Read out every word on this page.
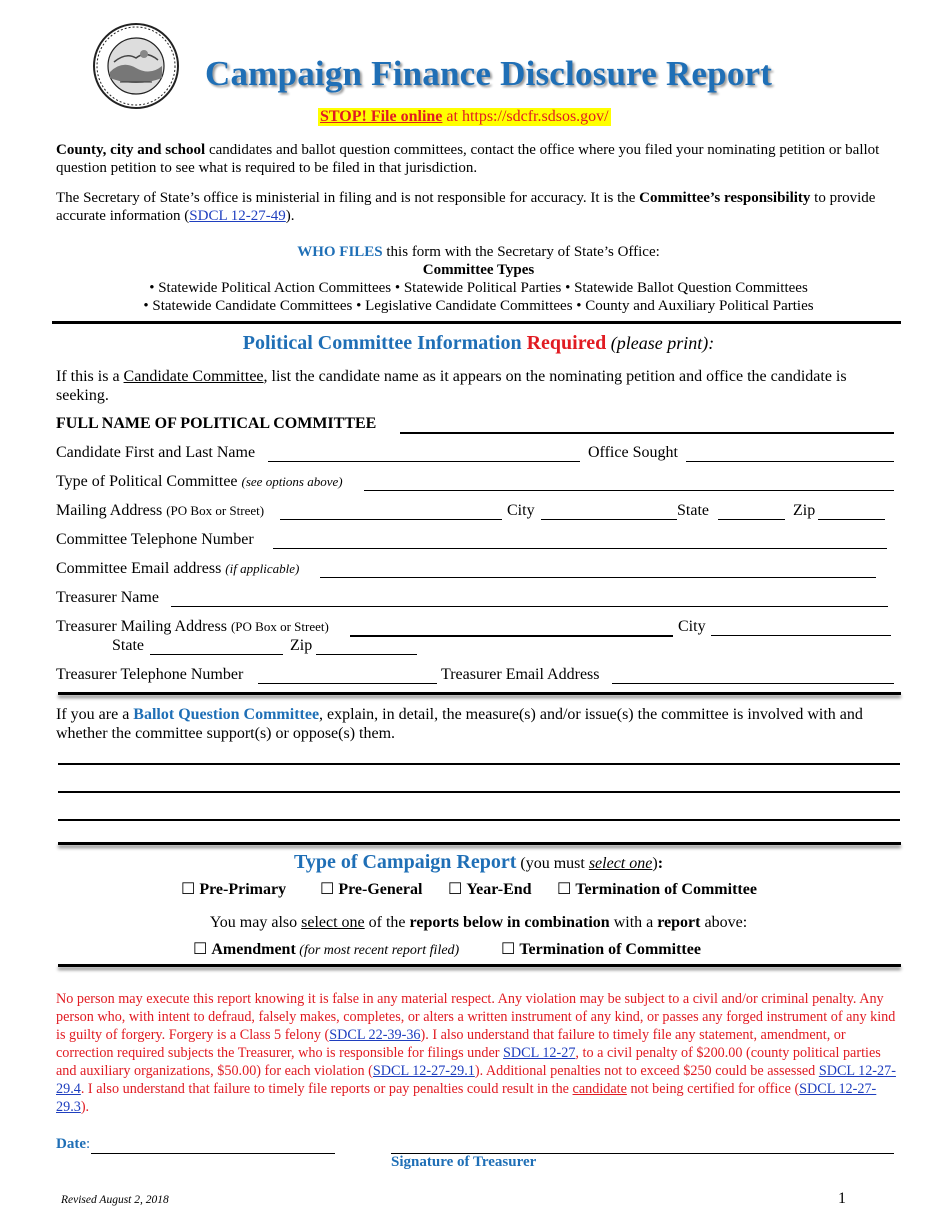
Campaign Finance Disclosure Report
STOP! File online at https://sdcfr.sdsos.gov/
County, city and school candidates and ballot question committees, contact the office where you filed your nominating petition or ballot question petition to see what is required to be filed in that jurisdiction.
The Secretary of State’s office is ministerial in filing and is not responsible for accuracy. It is the Committee’s responsibility to provide accurate information (SDCL 12-27-49).
WHO FILES this form with the Secretary of State’s Office:
Committee Types
• Statewide Political Action Committees • Statewide Political Parties • Statewide Ballot Question Committees
• Statewide Candidate Committees • Legislative Candidate Committees • County and Auxiliary Political Parties
Political Committee Information Required (please print):
If this is a Candidate Committee, list the candidate name as it appears on the nominating petition and office the candidate is seeking.
FULL NAME OF POLITICAL COMMITTEE
Candidate First and Last Name	Office Sought
Type of Political Committee (see options above)
Mailing Address (PO Box or Street)	City	State	Zip
Committee Telephone Number
Committee Email address (if applicable)
Treasurer Name
Treasurer Mailing Address (PO Box or Street)	City
State	Zip
Treasurer Telephone Number	Treasurer Email Address
If you are a Ballot Question Committee, explain, in detail, the measure(s) and/or issue(s) the committee is involved with and whether the committee support(s) or oppose(s) them.
Type of Campaign Report (you must select one):
☐ Pre-Primary ☐ Pre-General ☐ Year-End ☐ Termination of Committee
You may also select one of the reports below in combination with a report above:
☐ Amendment (for most recent report filed)	☐ Termination of Committee
No person may execute this report knowing it is false in any material respect. Any violation may be subject to a civil and/or criminal penalty. Any person who, with intent to defraud, falsely makes, completes, or alters a written instrument of any kind, or passes any forged instrument of any kind is guilty of forgery. Forgery is a Class 5 felony (SDCL 22-39-36). I also understand that failure to timely file any statement, amendment, or correction required subjects the Treasurer, who is responsible for filings under SDCL 12-27, to a civil penalty of $200.00 (county political parties and auxiliary organizations, $50.00) for each violation (SDCL 12-27-29.1). Additional penalties not to exceed $250 could be assessed SDCL 12-27-29.4. I also understand that failure to timely file reports or pay penalties could result in the candidate not being certified for office (SDCL 12-27-29.3).
Date:
Signature of Treasurer
Revised August 2, 2018	1
